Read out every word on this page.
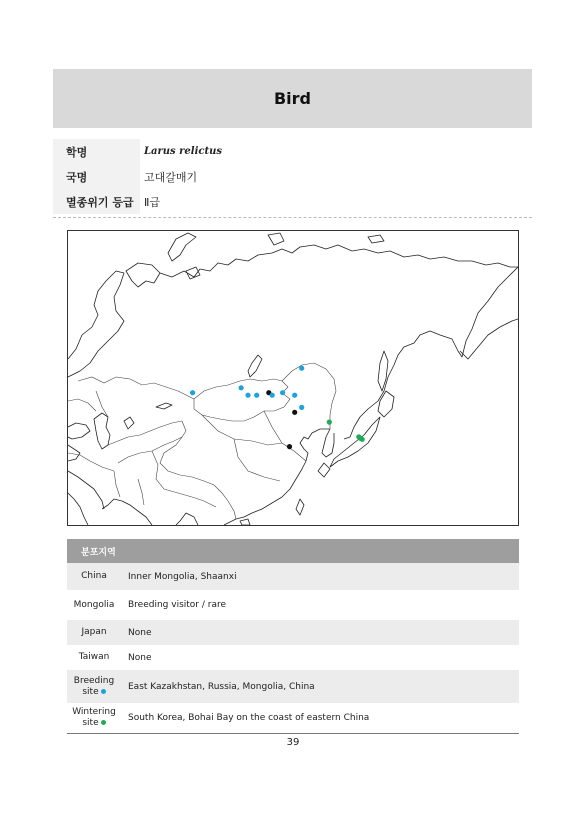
Bird
학명	Larus relictus
국명	고대갈매기
멸종위기 등급 Ⅱ급
분포지역
China	Inner Mongolia, Shaanxi
Mongolia	Breeding visitor / rare
Japan	None
Taiwan	None
Breeding
site	East Kazakhstan, Russia, Mongolia, China
Wintering
site	South Korea, Bohai Bay on the coast of eastern China
39
